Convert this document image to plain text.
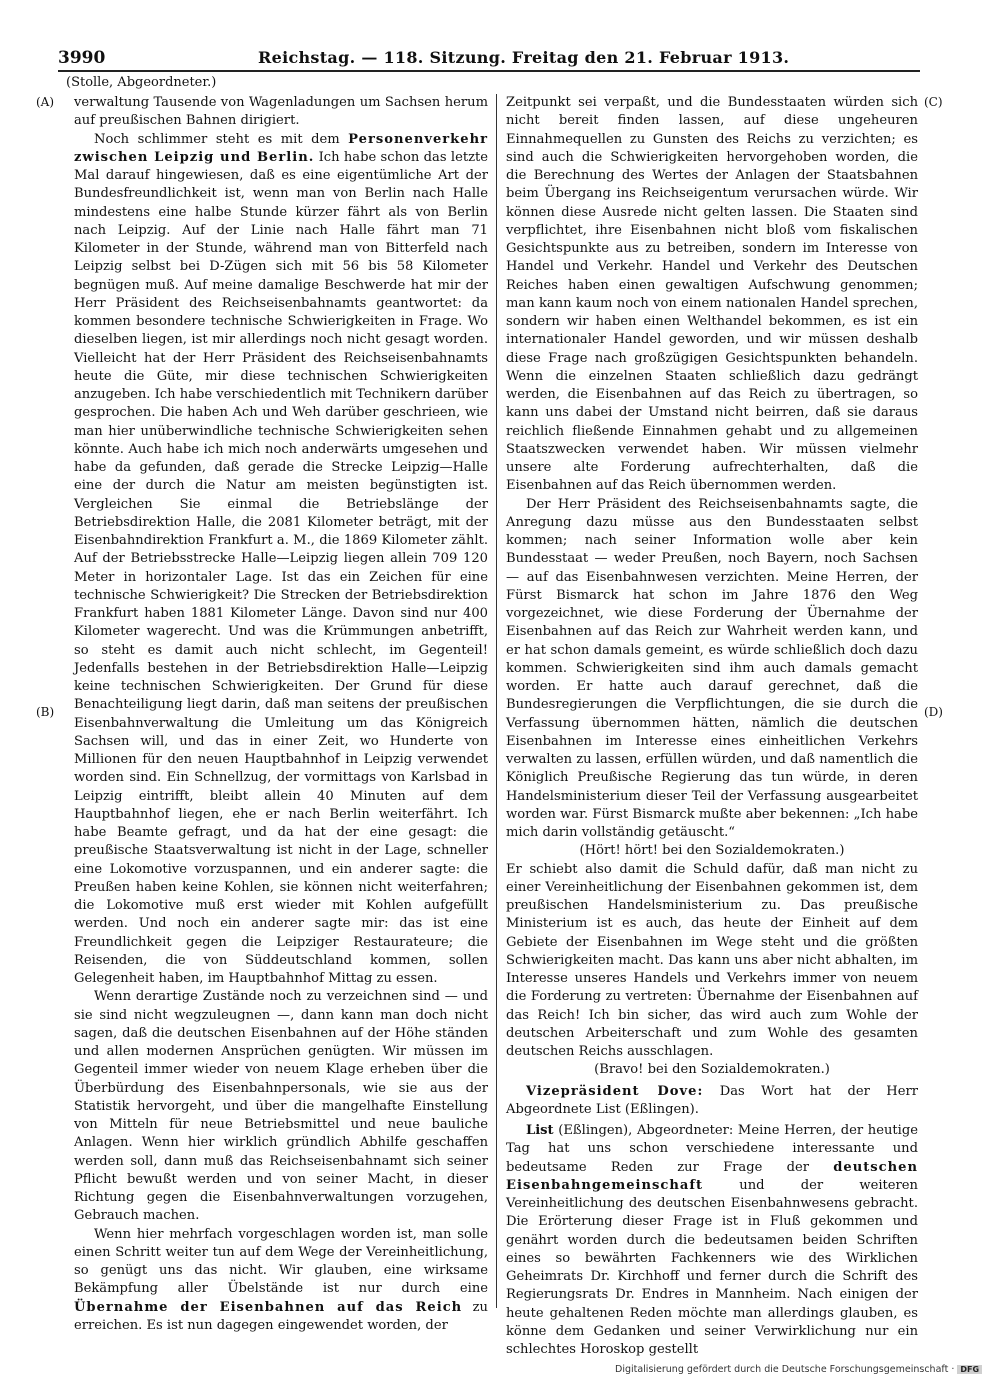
3990	Reichstag. — 118. Sitzung. Freitag den 21. Februar 1913.
(Stolle, Abgeordneter.)
(A)
(B)
(C)
(D)

verwaltung Tausende von Wagenladungen um Sachsen herum auf preußischen Bahnen dirigiert.

Noch schlimmer steht es mit dem Personenverkehr zwischen Leipzig und Berlin. Ich habe schon das letzte Mal darauf hingewiesen, daß es eine eigentümliche Art der Bundesfreundlichkeit ist, wenn man von Berlin nach Halle mindestens eine halbe Stunde kürzer fährt als von Berlin nach Leipzig. Auf der Linie nach Halle fährt man 71 Kilometer in der Stunde, während man von Bitterfeld nach Leipzig selbst bei D-Zügen sich mit 56 bis 58 Kilometer begnügen muß. Auf meine damalige Beschwerde hat mir der Herr Präsident des Reichseisenbahnamts geantwortet: da kommen besondere technische Schwierigkeiten in Frage. Wo dieselben liegen, ist mir allerdings noch nicht gesagt worden. Vielleicht hat der Herr Präsident des Reichseisenbahnamts heute die Güte, mir diese technischen Schwierigkeiten anzugeben. Ich habe verschiedentlich mit Technikern darüber gesprochen. Die haben Ach und Weh darüber geschrieen, wie man hier unüberwindliche technische Schwierigkeiten sehen könnte. Auch habe ich mich noch anderwärts umgesehen und habe da gefunden, daß gerade die Strecke Leipzig—Halle eine der durch die Natur am meisten begünstigten ist. Vergleichen Sie einmal die Betriebslänge der Betriebsdirektion Halle, die 2081 Kilometer beträgt, mit der Eisenbahndirektion Frankfurt a. M., die 1869 Kilometer zählt. Auf der Betriebsstrecke Halle—Leipzig liegen allein 709 120 Meter in horizontaler Lage. Ist das ein Zeichen für eine technische Schwierigkeit? Die Strecken der Betriebsdirektion Frankfurt haben 1881 Kilometer Länge. Davon sind nur 400 Kilometer wagerecht. Und was die Krümmungen anbetrifft, so steht es damit auch nicht schlecht, im Gegenteil! Jedenfalls bestehen in der Betriebsdirektion Halle—Leipzig keine technischen Schwierigkeiten. Der Grund für diese Benachteiligung liegt darin, daß man seitens der preußischen Eisenbahnverwaltung die Umleitung um das Königreich Sachsen will, und das in einer Zeit, wo Hunderte von Millionen für den neuen Hauptbahnhof in Leipzig verwendet worden sind. Ein Schnellzug, der vormittags von Karlsbad in Leipzig eintrifft, bleibt allein 40 Minuten auf dem Hauptbahnhof liegen, ehe er nach Berlin weiterfährt. Ich habe Beamte gefragt, und da hat der eine gesagt: die preußische Staatsverwaltung ist nicht in der Lage, schneller eine Lokomotive vorzuspannen, und ein anderer sagte: die Preußen haben keine Kohlen, sie können nicht weiterfahren; die Lokomotive muß erst wieder mit Kohlen aufgefüllt werden. Und noch ein anderer sagte mir: das ist eine Freundlichkeit gegen die Leipziger Restaurateure; die Reisenden, die von Süddeutschland kommen, sollen Gelegenheit haben, im Hauptbahnhof Mittag zu essen.

Wenn derartige Zustände noch zu verzeichnen sind — und sie sind nicht wegzuleugnen —, dann kann man doch nicht sagen, daß die deutschen Eisenbahnen auf der Höhe ständen und allen modernen Ansprüchen genügten. Wir müssen im Gegenteil immer wieder von neuem Klage erheben über die Überbürdung des Eisenbahnpersonals, wie sie aus der Statistik hervorgeht, und über die mangelhafte Einstellung von Mitteln für neue Betriebsmittel und neue bauliche Anlagen. Wenn hier wirklich gründlich Abhilfe geschaffen werden soll, dann muß das Reichseisenbahnamt sich seiner Pflicht bewußt werden und von seiner Macht, in dieser Richtung gegen die Eisenbahnverwaltungen vorzugehen, Gebrauch machen.

Wenn hier mehrfach vorgeschlagen worden ist, man solle einen Schritt weiter tun auf dem Wege der Vereinheitlichung, so genügt uns das nicht. Wir glauben, eine wirksame Bekämpfung aller Übelstände ist nur durch eine Übernahme der Eisenbahnen auf das Reich zu erreichen. Es ist nun dagegen eingewendet worden, der

Zeitpunkt sei verpaßt, und die Bundesstaaten würden sich nicht bereit finden lassen, auf diese ungeheuren Einnahmequellen zu Gunsten des Reichs zu verzichten; es sind auch die Schwierigkeiten hervorgehoben worden, die die Berechnung des Wertes der Anlagen der Staatsbahnen beim Übergang ins Reichseigentum verursachen würde. Wir können diese Ausrede nicht gelten lassen. Die Staaten sind verpflichtet, ihre Eisenbahnen nicht bloß vom fiskalischen Gesichtspunkte aus zu betreiben, sondern im Interesse von Handel und Verkehr. Handel und Verkehr des Deutschen Reiches haben einen gewaltigen Aufschwung genommen; man kann kaum noch von einem nationalen Handel sprechen, sondern wir haben einen Welthandel bekommen, es ist ein internationaler Handel geworden, und wir müssen deshalb diese Frage nach großzügigen Gesichtspunkten behandeln. Wenn die einzelnen Staaten schließlich dazu gedrängt werden, die Eisenbahnen auf das Reich zu übertragen, so kann uns dabei der Umstand nicht beirren, daß sie daraus reichlich fließende Einnahmen gehabt und zu allgemeinen Staatszwecken verwendet haben. Wir müssen vielmehr unsere alte Forderung aufrechterhalten, daß die Eisenbahnen auf das Reich übernommen werden.

Der Herr Präsident des Reichseisenbahnamts sagte, die Anregung dazu müsse aus den Bundesstaaten selbst kommen; nach seiner Information wolle aber kein Bundesstaat — weder Preußen, noch Bayern, noch Sachsen — auf das Eisenbahnwesen verzichten. Meine Herren, der Fürst Bismarck hat schon im Jahre 1876 den Weg vorgezeichnet, wie diese Forderung der Übernahme der Eisenbahnen auf das Reich zur Wahrheit werden kann, und er hat schon damals gemeint, es würde schließlich doch dazu kommen. Schwierigkeiten sind ihm auch damals gemacht worden. Er hatte auch darauf gerechnet, daß die Bundesregierungen die Verpflichtungen, die sie durch die Verfassung übernommen hätten, nämlich die deutschen Eisenbahnen im Interesse eines einheitlichen Verkehrs verwalten zu lassen, erfüllen würden, und daß namentlich die Königlich Preußische Regierung das tun würde, in deren Handelsministerium dieser Teil der Verfassung ausgearbeitet worden war. Fürst Bismarck mußte aber bekennen: „Ich habe mich darin vollständig getäuscht.“

(Hört! hört! bei den Sozialdemokraten.)

Er schiebt also damit die Schuld dafür, daß man nicht zu einer Vereinheitlichung der Eisenbahnen gekommen ist, dem preußischen Handelsministerium zu. Das preußische Ministerium ist es auch, das heute der Einheit auf dem Gebiete der Eisenbahnen im Wege steht und die größten Schwierigkeiten macht. Das kann uns aber nicht abhalten, im Interesse unseres Handels und Verkehrs immer von neuem die Forderung zu vertreten: Übernahme der Eisenbahnen auf das Reich! Ich bin sicher, das wird auch zum Wohle der deutschen Arbeiterschaft und zum Wohle des gesamten deutschen Reichs ausschlagen.

(Bravo! bei den Sozialdemokraten.)

Vizepräsident Dove: Das Wort hat der Herr Abgeordnete List (Eßlingen).

List (Eßlingen), Abgeordneter: Meine Herren, der heutige Tag hat uns schon verschiedene interessante und bedeutsame Reden zur Frage der deutschen Eisenbahngemeinschaft und der weiteren Vereinheitlichung des deutschen Eisenbahnwesens gebracht. Die Erörterung dieser Frage ist in Fluß gekommen und genährt worden durch die bedeutsamen beiden Schriften eines so bewährten Fachkenners wie des Wirklichen Geheimrats Dr. Kirchhoff und ferner durch die Schrift des Regierungsrats Dr. Endres in Mannheim. Nach einigen der heute gehaltenen Reden möchte man allerdings glauben, es könne dem Gedanken und seiner Verwirklichung nur ein schlechtes Horoskop gestellt

Digitalisierung gefördert durch die Deutsche Forschungsgemeinschaft · DFG
